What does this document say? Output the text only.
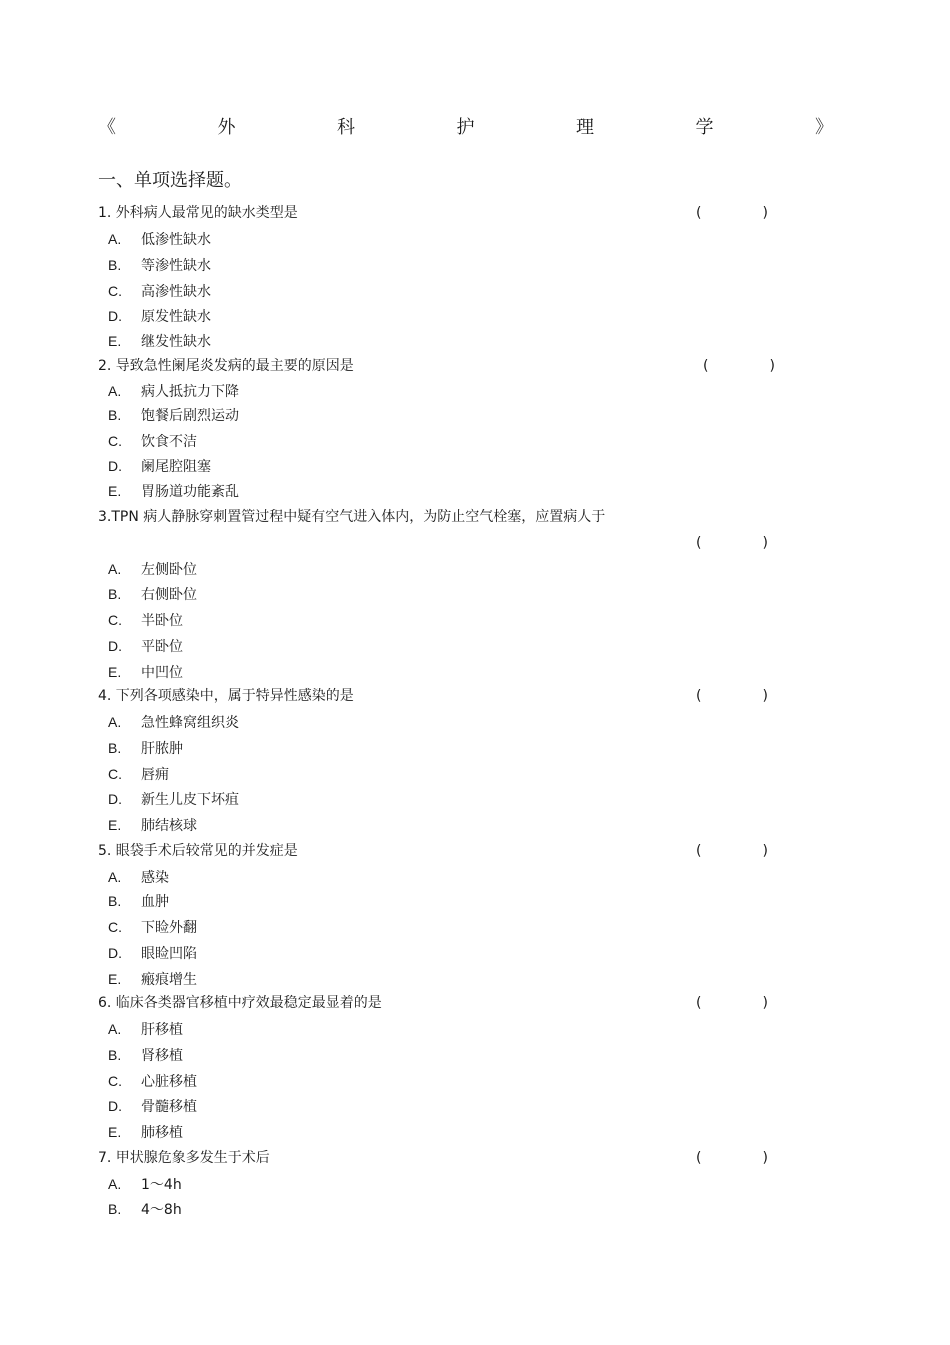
《	外	科	护	理	学	》
一、单项选择题。
1. 外科病人最常见的缺水类型是	(	)
A. 低渗性缺水
B. 等渗性缺水
C. 高渗性缺水
D. 原发性缺水
E. 继发性缺水
2. 导致急性阑尾炎发病的最主要的原因是	(	)
A. 病人抵抗力下降
B. 饱餐后剧烈运动
C. 饮食不洁
D. 阑尾腔阻塞
E. 胃肠道功能紊乱
3.TPN 病人静脉穿刺置管过程中疑有空气进入体内，为防止空气栓塞，应置病人于
(	)
A. 左侧卧位
B. 右侧卧位
C. 半卧位
D. 平卧位
E. 中凹位
4. 下列各项感染中，属于特异性感染的是	(	)
A. 急性蜂窝组织炎
B. 肝脓肿
C. 唇痈
D. 新生儿皮下坏疽
E. 肺结核球
5. 眼袋手术后较常见的并发症是	(	)
A. 感染
B. 血肿
C. 下睑外翻
D. 眼睑凹陷
E. 瘢痕增生
6. 临床各类器官移植中疗效最稳定最显着的是	(	)
A. 肝移植
B. 肾移植
C. 心脏移植
D. 骨髓移植
E. 肺移植
7. 甲状腺危象多发生于术后	(	)
A. 1～4h
B. 4～8h
